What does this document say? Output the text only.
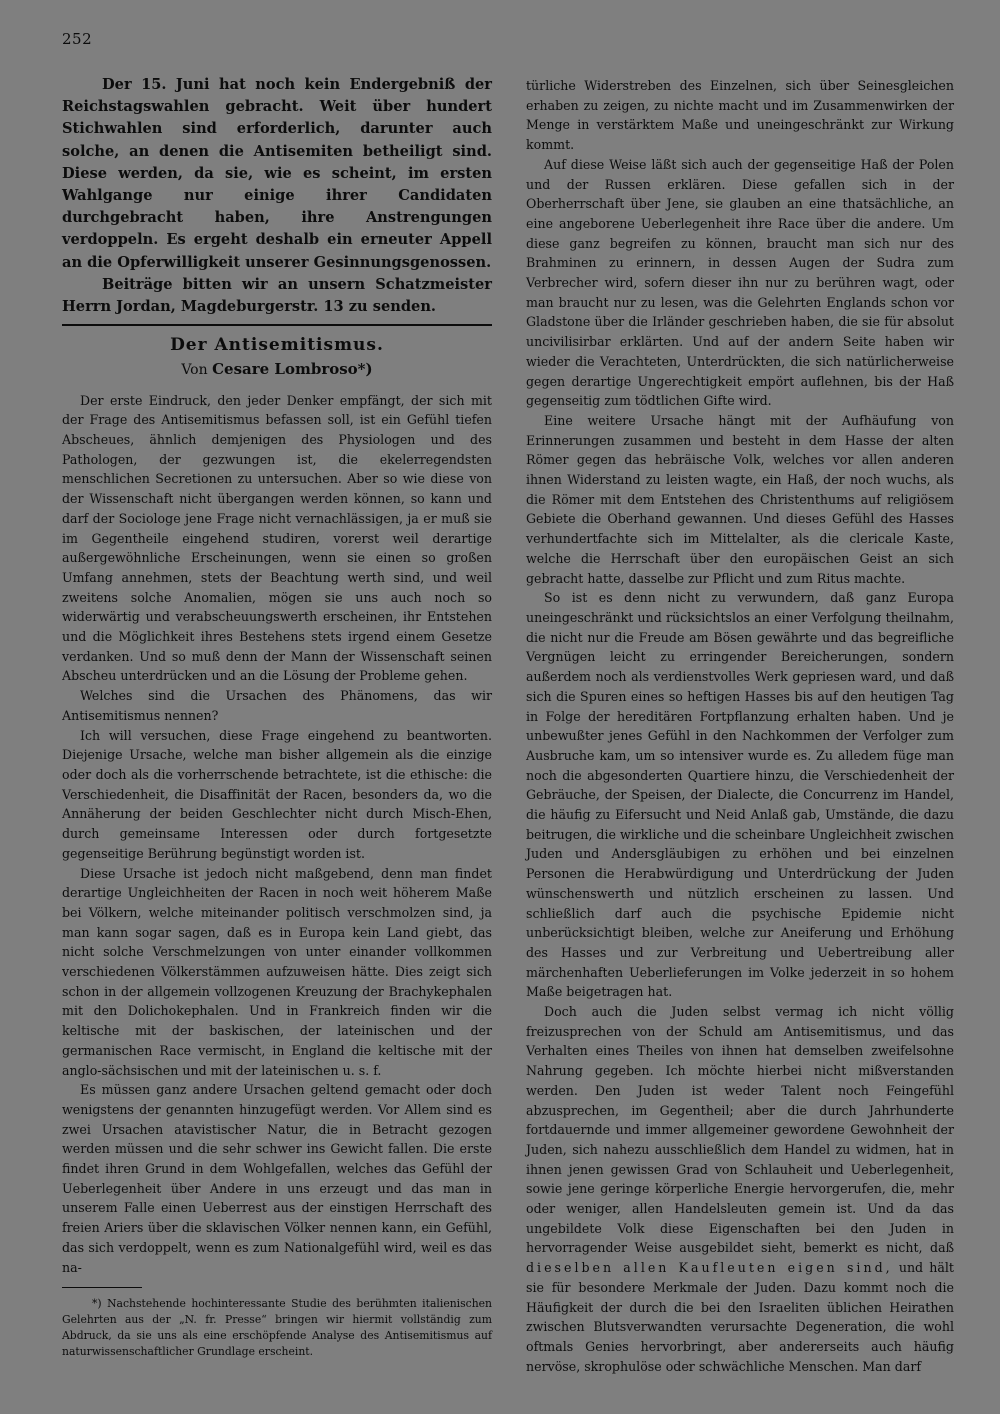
252

Der 15. Juni hat noch kein Endergebniß der Reichstagswahlen gebracht. Weit über hundert Stichwahlen sind erforderlich, darunter auch solche, an denen die Antisemiten betheiligt sind. Diese werden, da sie, wie es scheint, im ersten Wahlgange nur einige ihrer Candidaten durchgebracht haben, ihre Anstrengungen verdoppeln. Es ergeht deshalb ein erneuter Appell an die Opferwilligkeit unserer Gesinnungsgenossen.

Beiträge bitten wir an unsern Schatzmeister Herrn Jordan, Magdeburgerstr. 13 zu senden.

Der Antisemitismus.
Von Cesare Lombroso*)

Der erste Eindruck, den jeder Denker empfängt, der sich mit der Frage des Antisemitismus befassen soll, ist ein Gefühl tiefen Abscheues, ähnlich demjenigen des Physiologen und des Pathologen, der gezwungen ist, die ekelerregendsten menschlichen Secretionen zu untersuchen. Aber so wie diese von der Wissenschaft nicht übergangen werden können, so kann und darf der Sociologe jene Frage nicht vernachlässigen, ja er muß sie im Gegentheile eingehend studiren, vorerst weil derartige außergewöhnliche Erscheinungen, wenn sie einen so großen Umfang annehmen, stets der Beachtung werth sind, und weil zweitens solche Anomalien, mögen sie uns auch noch so widerwärtig und verabscheuungswerth erscheinen, ihr Entstehen und die Möglichkeit ihres Bestehens stets irgend einem Gesetze verdanken. Und so muß denn der Mann der Wissenschaft seinen Abscheu unterdrücken und an die Lösung der Probleme gehen.

Welches sind die Ursachen des Phänomens, das wir Antisemitismus nennen?

Ich will versuchen, diese Frage eingehend zu beantworten. Diejenige Ursache, welche man bisher allgemein als die einzige oder doch als die vorherrschende betrachtete, ist die ethische: die Verschiedenheit, die Disaffinität der Racen, besonders da, wo die Annäherung der beiden Geschlechter nicht durch Misch-Ehen, durch gemeinsame Interessen oder durch fortgesetzte gegenseitige Berührung begünstigt worden ist.

Diese Ursache ist jedoch nicht maßgebend, denn man findet derartige Ungleichheiten der Racen in noch weit höherem Maße bei Völkern, welche miteinander politisch verschmolzen sind, ja man kann sogar sagen, daß es in Europa kein Land giebt, das nicht solche Verschmelzungen von unter einander vollkommen verschiedenen Völkerstämmen aufzuweisen hätte. Dies zeigt sich schon in der allgemein vollzogenen Kreuzung der Brachykephalen mit den Dolichokephalen. Und in Frankreich finden wir die keltische mit der baskischen, der lateinischen und der germanischen Race vermischt, in England die keltische mit der anglo-sächsischen und mit der lateinischen u. s. f.

Es müssen ganz andere Ursachen geltend gemacht oder doch wenigstens der genannten hinzugefügt werden. Vor Allem sind es zwei Ursachen atavistischer Natur, die in Betracht gezogen werden müssen und die sehr schwer ins Gewicht fallen. Die erste findet ihren Grund in dem Wohlgefallen, welches das Gefühl der Ueberlegenheit über Andere in uns erzeugt und das man in unserem Falle einen Ueberrest aus der einstigen Herrschaft des freien Ariers über die sklavischen Völker nennen kann, ein Gefühl, das sich verdoppelt, wenn es zum Nationalgefühl wird, weil es das na-

*) Nachstehende hochinteressante Studie des berühmten italienischen Gelehrten aus der „N. fr. Presse“ bringen wir hiermit vollständig zum Abdruck, da sie uns als eine erschöpfende Analyse des Antisemitismus auf naturwissenschaftlicher Grundlage erscheint.

türliche Widerstreben des Einzelnen, sich über Seinesgleichen erhaben zu zeigen, zu nichte macht und im Zusammenwirken der Menge in verstärktem Maße und uneingeschränkt zur Wirkung kommt.

Auf diese Weise läßt sich auch der gegenseitige Haß der Polen und der Russen erklären. Diese gefallen sich in der Oberherrschaft über Jene, sie glauben an eine thatsächliche, an eine angeborene Ueberlegenheit ihre Race über die andere. Um diese ganz begreifen zu können, braucht man sich nur des Brahminen zu erinnern, in dessen Augen der Sudra zum Verbrecher wird, sofern dieser ihn nur zu berühren wagt, oder man braucht nur zu lesen, was die Gelehrten Englands schon vor Gladstone über die Irländer geschrieben haben, die sie für absolut uncivilisirbar erklärten. Und auf der andern Seite haben wir wieder die Verachteten, Unterdrückten, die sich natürlicherweise gegen derartige Ungerechtigkeit empört auflehnen, bis der Haß gegenseitig zum tödtlichen Gifte wird.

Eine weitere Ursache hängt mit der Aufhäufung von Erinnerungen zusammen und besteht in dem Hasse der alten Römer gegen das hebräische Volk, welches vor allen anderen ihnen Widerstand zu leisten wagte, ein Haß, der noch wuchs, als die Römer mit dem Entstehen des Christenthums auf religiösem Gebiete die Oberhand gewannen. Und dieses Gefühl des Hasses verhundertfachte sich im Mittelalter, als die clericale Kaste, welche die Herrschaft über den europäischen Geist an sich gebracht hatte, dasselbe zur Pflicht und zum Ritus machte.

So ist es denn nicht zu verwundern, daß ganz Europa uneingeschränkt und rücksichtslos an einer Verfolgung theilnahm, die nicht nur die Freude am Bösen gewährte und das begreifliche Vergnügen leicht zu erringender Bereicherungen, sondern außerdem noch als verdienstvolles Werk gepriesen ward, und daß sich die Spuren eines so heftigen Hasses bis auf den heutigen Tag in Folge der hereditären Fortpflanzung erhalten haben. Und je unbewußter jenes Gefühl in den Nachkommen der Verfolger zum Ausbruche kam, um so intensiver wurde es. Zu alledem füge man noch die abgesonderten Quartiere hinzu, die Verschiedenheit der Gebräuche, der Speisen, der Dialecte, die Concurrenz im Handel, die häufig zu Eifersucht und Neid Anlaß gab, Umstände, die dazu beitrugen, die wirkliche und die scheinbare Ungleichheit zwischen Juden und Andersgläubigen zu erhöhen und bei einzelnen Personen die Herabwürdigung und Unterdrückung der Juden wünschenswerth und nützlich erscheinen zu lassen. Und schließlich darf auch die psychische Epidemie nicht unberücksichtigt bleiben, welche zur Aneiferung und Erhöhung des Hasses und zur Verbreitung und Uebertreibung aller märchenhaften Ueberlieferungen im Volke jederzeit in so hohem Maße beigetragen hat.

Doch auch die Juden selbst vermag ich nicht völlig freizusprechen von der Schuld am Antisemitismus, und das Verhalten eines Theiles von ihnen hat demselben zweifelsohne Nahrung gegeben. Ich möchte hierbei nicht mißverstanden werden. Den Juden ist weder Talent noch Feingefühl abzusprechen, im Gegentheil; aber die durch Jahrhunderte fortdauernde und immer allgemeiner gewordene Gewohnheit der Juden, sich nahezu ausschließlich dem Handel zu widmen, hat in ihnen jenen gewissen Grad von Schlauheit und Ueberlegenheit, sowie jene geringe körperliche Energie hervorgerufen, die, mehr oder weniger, allen Handelsleuten gemein ist. Und da das ungebildete Volk diese Eigenschaften bei den Juden in hervorragender Weise ausgebildet sieht, bemerkt es nicht, daß dieselben allen Kaufleuten eigen sind, und hält sie für besondere Merkmale der Juden. Dazu kommt noch die Häufigkeit der durch die bei den Israeliten üblichen Heirathen zwischen Blutsverwandten verursachte Degeneration, die wohl oftmals Genies hervorbringt, aber andererseits auch häufig nervöse, skrophulöse oder schwächliche Menschen. Man darf
